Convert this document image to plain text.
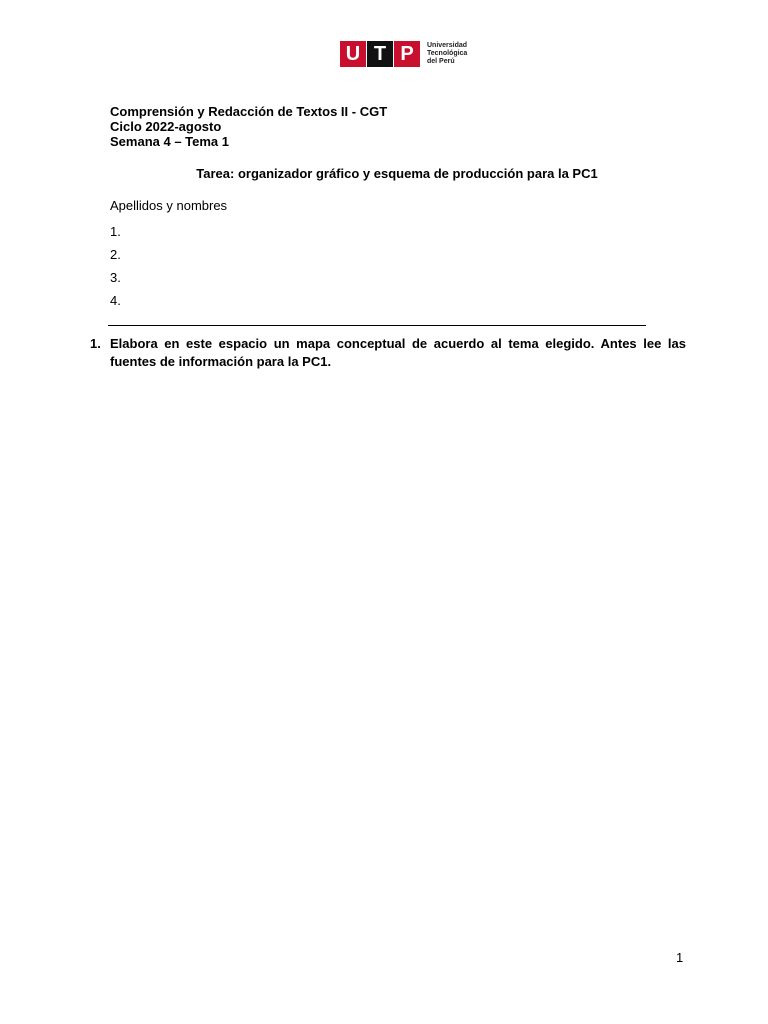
U T P	Universidad
Tecnológica
del Perú
Comprensión y Redacción de Textos II - CGT
Ciclo 2022-agosto
Semana 4 – Tema 1
Tarea: organizador gráfico y esquema de producción para la PC1
Apellidos y nombres
1.
2.
3.
4.
1. Elabora en este espacio un mapa conceptual de acuerdo al tema elegido. Antes lee las fuentes de información para la PC1.
1
